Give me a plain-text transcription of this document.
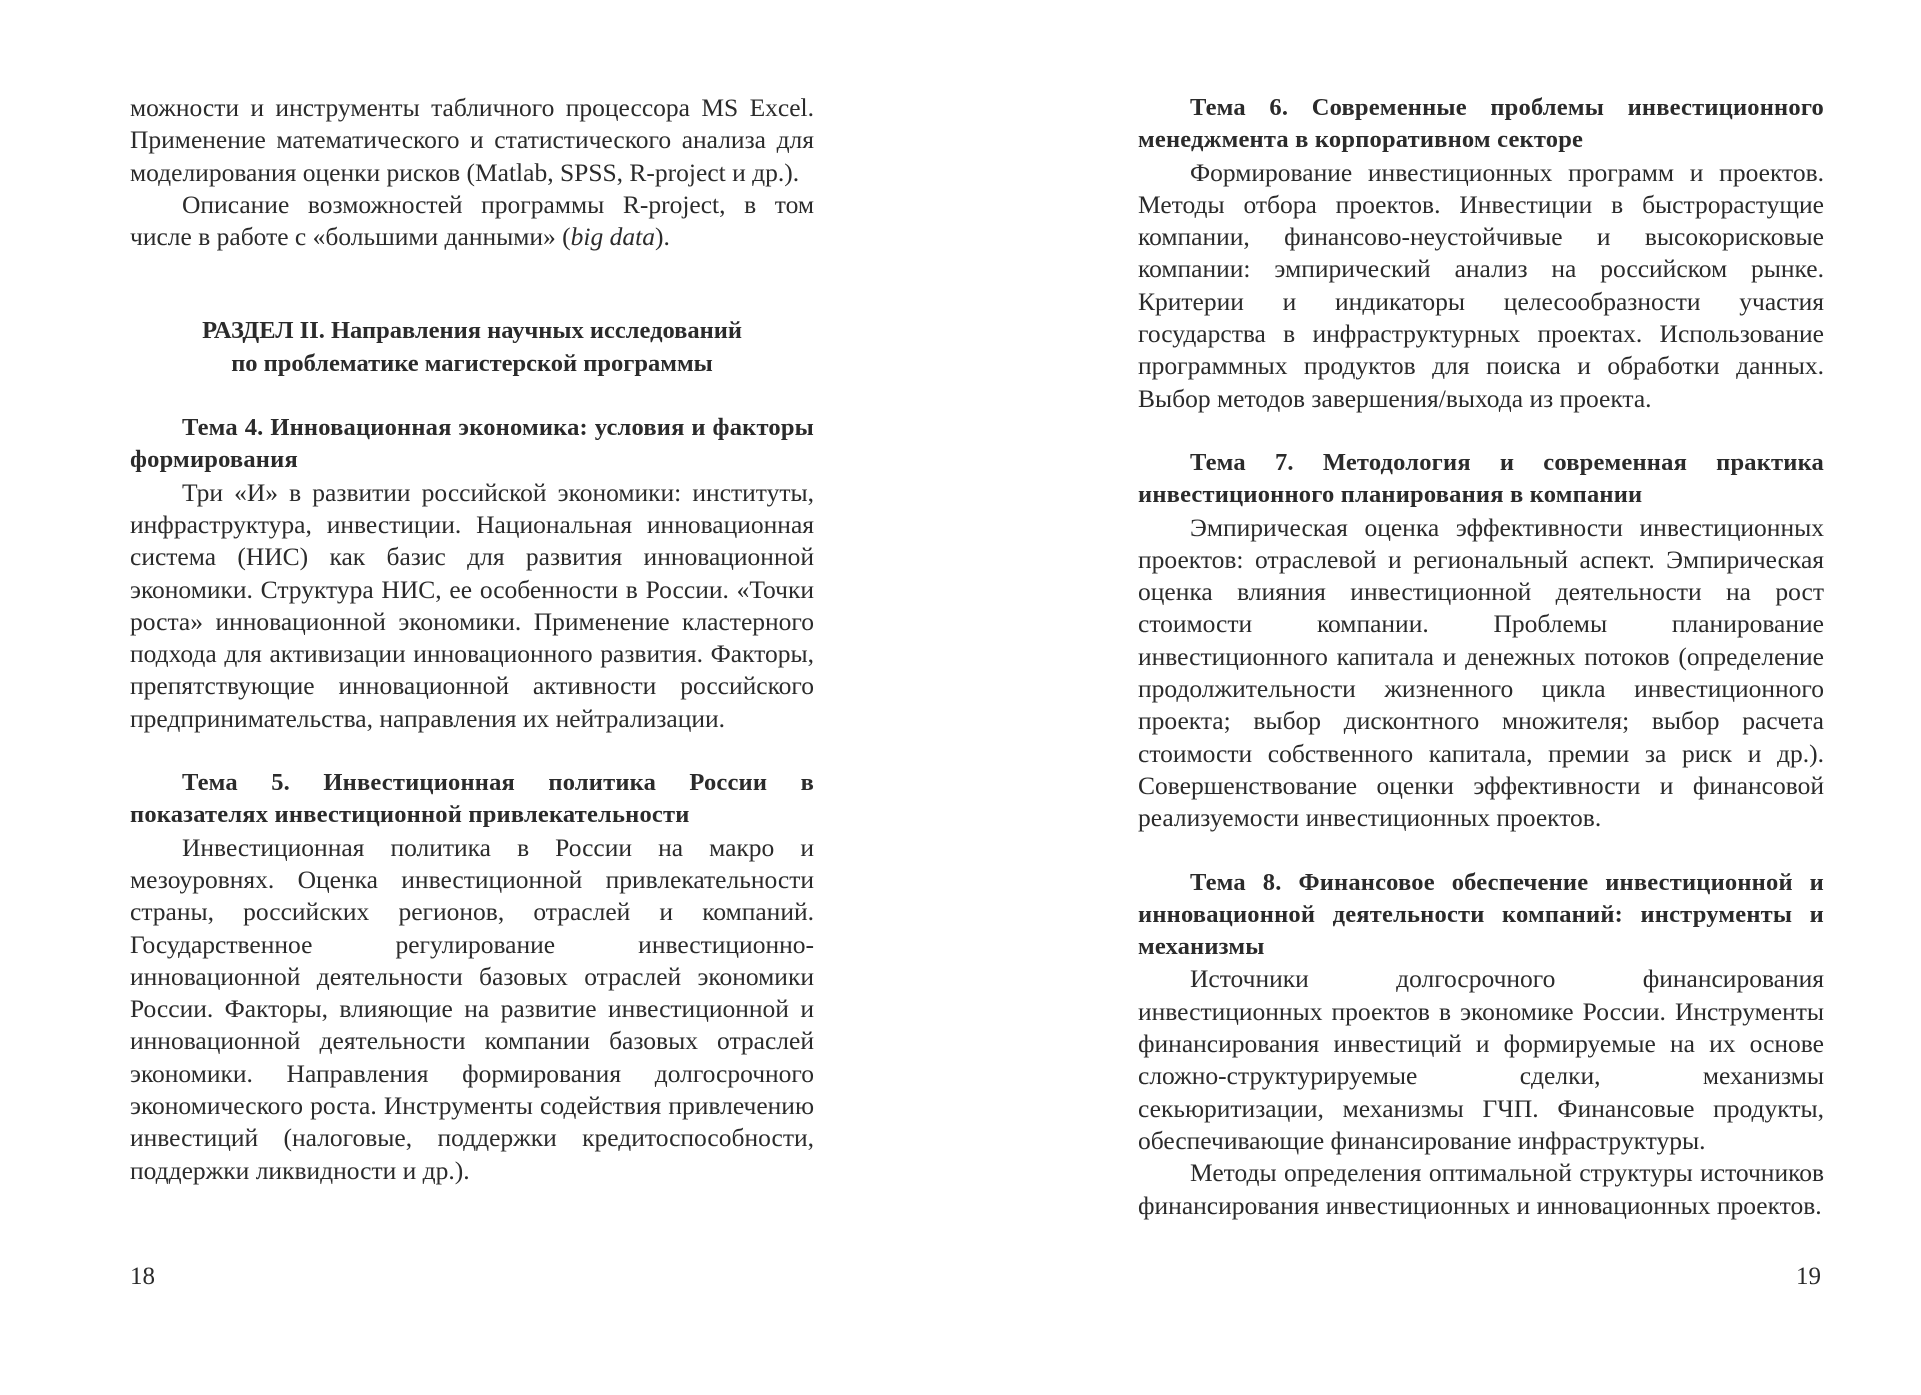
можности и инструменты табличного процессора MS Excel. Применение математического и статистического анализа для моделирования оценки рисков (Matlab, SPSS, R-project и др.).

Описание возможностей программы R-project, в том числе в работе с «большими данными» (big data).

РАЗДЕЛ II. Направления научных исследований
по проблематике магистерской программы
Тема 4. Инновационная экономика: условия и факторы формирования

Три «И» в развитии российской экономики: институты, инфраструктура, инвестиции. Национальная инновационная система (НИС) как базис для развития инновационной экономики. Структура НИС, ее особенности в России. «Точки роста» инновационной экономики. Применение кластерного подхода для активизации инновационного развития. Факторы, препятствующие инновационной активности российского предпринимательства, направления их нейтрализации.

Тема 5. Инвестиционная политика России в показателях инвестиционной привлекательности

Инвестиционная политика в России на макро и мезоуровнях. Оценка инвестиционной привлекательности страны, российских регионов, отраслей и компаний. Государственное регулирование инвестиционно-инновационной деятельности базовых отраслей экономики России. Факторы, влияющие на развитие инвестиционной и инновационной деятельности компании базовых отраслей экономики. Направления формирования долгосрочного экономического роста. Инструменты содействия привлечению инвестиций (налоговые, поддержки кредитоспособности, поддержки ликвидности и др.).

18
Тема 6. Современные проблемы инвестиционного менеджмента в корпоративном секторе

Формирование инвестиционных программ и проектов. Методы отбора проектов. Инвестиции в быстрорастущие компании, финансово-неустойчивые и высокорисковые компании: эмпирический анализ на российском рынке. Критерии и индикаторы целесообразности участия государства в инфраструктурных проектах. Использование программных продуктов для поиска и обработки данных. Выбор методов завершения/выхода из проекта.

Тема 7. Методология и современная практика инвестиционного планирования в компании

Эмпирическая оценка эффективности инвестиционных проектов: отраслевой и региональный аспект. Эмпирическая оценка влияния инвестиционной деятельности на рост стоимости компании. Проблемы планирование инвестиционного капитала и денежных потоков (определение продолжительности жизненного цикла инвестиционного проекта; выбор дисконтного множителя; выбор расчета стоимости собственного капитала, премии за риск и др.). Совершенствование оценки эффективности и финансовой реализуемости инвестиционных проектов.

Тема 8. Финансовое обеспечение инвестиционной и инновационной деятельности компаний: инструменты и механизмы

Источники долгосрочного финансирования инвестиционных проектов в экономике России. Инструменты финансирования инвестиций и формируемые на их основе сложно-структурируемые сделки, механизмы секьюритизации, механизмы ГЧП. Финансовые продукты, обеспечивающие финансирование инфраструктуры.

Методы определения оптимальной структуры источников финансирования инвестиционных и инновационных проектов.

19
